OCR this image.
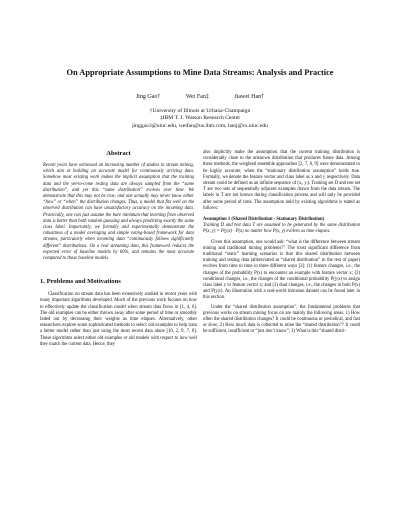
On Appropriate Assumptions to Mine Data Streams: Analysis and Practice
Jing Gao†	Wei Fan‡	Jiawei Han†
†University of Illinois at Urbana-Champaign
‡IBM T. J. Watson Research Center
jinggao3@uiuc.edu, weifan@us.ibm.com, hanj@cs.uiuc.edu
Abstract

Recent years have witnessed an increasing number of studies in stream mining, which aim at building an accurate model for continuously arriving data. Somehow most existing work makes the implicit assumption that the training data and the yet-to-come testing data are always sampled from the “same distribution”, and yet this “same distribution” evolves over time. We demonstrate that this may not be true, and one actually may never know either “how” or “when” the distribution changes. Thus, a model that fits well on the observed distribution can have unsatisfactory accuracy on the incoming data. Practically, one can just assume the bare minimum that learning from observed data is better than both random guessing and always predicting exactly the same class label. Importantly, we formally and experimentally demonstrate the robustness of a model averaging and simple voting-based framework for data streams, particularly when incoming data “continuously follows significantly different” distributions. On a real streaming data, this framework reduces the expected error of baseline models by 60%, and remains the most accurate compared to those baseline models.

1. Problems and Motivations

Classification on stream data has been extensively studied in recent years with many important algorithms developed. Much of the previous work focuses on how to effectively update the classification model when stream data flows in [1, 4, 6]. The old examples can be either thrown away after some period of time or smoothly faded out by decreasing their weights as time elapses. Alternatively, other researchers explore some sophisticated methods to select old examples to help train a better model rather than just using the most recent data alone [10, 2, 9, 7, 8]. These algorithms select either old examples or old models with respect to how well they match the current data. Hence, they

also implicitly make the assumption that the current training distribution is considerably close to the unknown distribution that produces future data. Among these methods, the weighted ensemble approaches [2, 7, 8, 9] were demonstrated to be highly accurate, when the “stationary distribution assumption” holds true. Formally, we denote the feature vector and class label as x and y respectively. Data stream could be defined as an infinite sequence of (xᵢ, yᵢ). Training set D and test set T are two sets of sequentially adjacent examples drawn from the data stream. The labels in T are not known during classification process and will only be provided after some period of time. The assumption held by existing algorithms is stated as follows:

Assumption 1 (Shared Distribution - Stationary Distribution)
Training D and test data T are assumed to be generated by the same distribution P(x, y) = P(y|x) · P(x) no matter how P(x, y) evolves as time elapses.

Given this assumption, one would ask: “what is the difference between stream mining and traditional mining problems?” The most significant difference from traditional “static” learning scenarios is that this shared distribution between training and testing data (abbreviated as “shared distribution” in the rest of paper) evolves from time to time in three different ways [3]: (1) feature changes, i.e., the changes of the probability P(x) to encounter an example with feature vector x; (2) conditional changes, i.e., the changes of the conditional probability P(y|x) to assign class label y to feature vector x; and (3) dual changes, i.e., the changes in both P(x) and P(y|x). An illustration with a real-world intrusion dataset can be found later in this section.

Under the “shared distribution assumption”, the fundamental problems that previous works on stream mining focus on are mainly the following areas. 1) How often the shared distribution changes? It could be continuous or periodical, and fast or slow; 2) How much data is collected to mine the “shared distribution”? It could be sufficient, insufficient or “just don’t know”; 3) What is this “shared distri-
